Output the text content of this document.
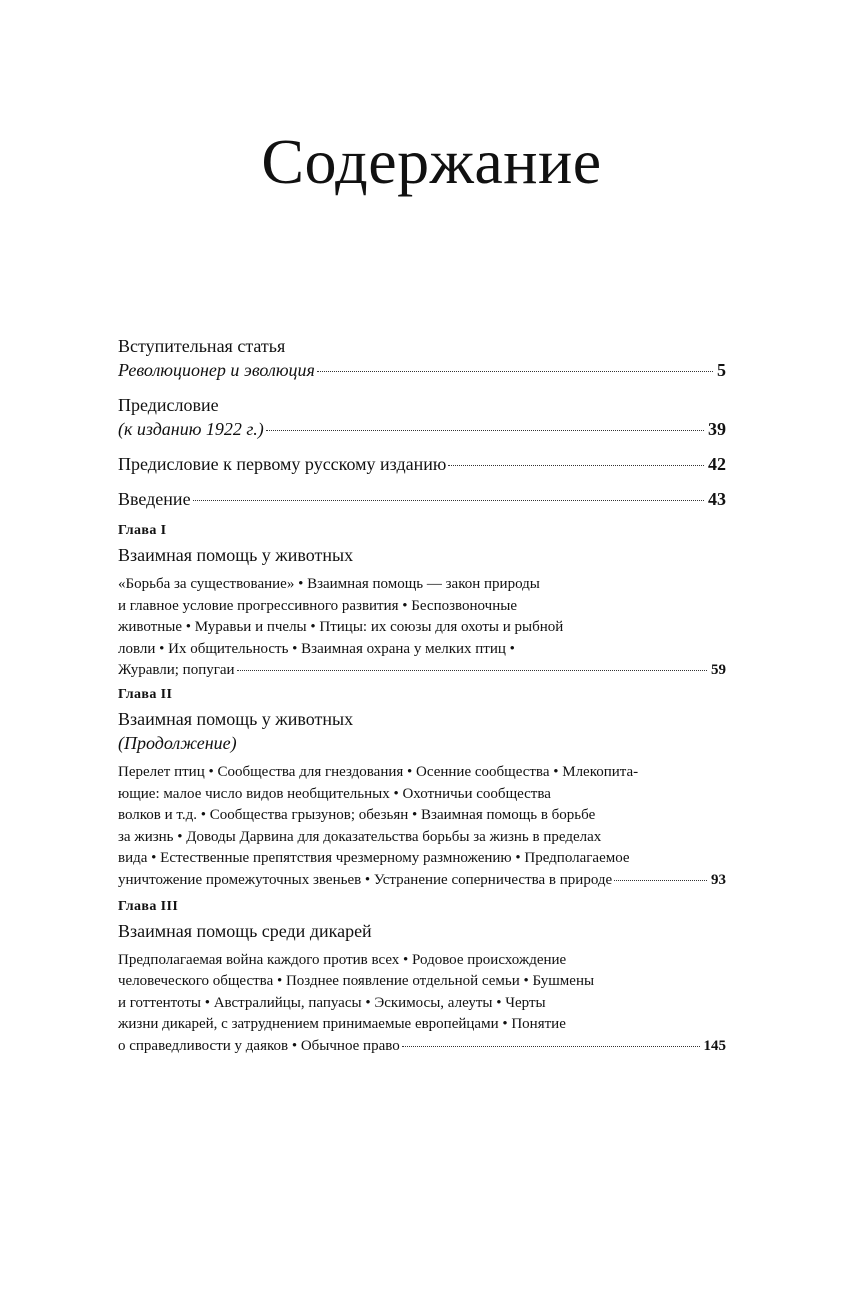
Содержание
Вступительная статья
Революционер и эволюция	5
Предисловие
(к изданию 1922 г.)	39
Предисловие к первому русскому изданию	42
Введение	43
Глава I
Взаимная помощь у животных
«Борьба за существование» • Взаимная помощь — закон природы
и главное условие прогрессивного развития • Беспозвоночные
животные • Муравьи и пчелы • Птицы: их союзы для охоты и рыбной
ловли • Их общительность • Взаимная охрана у мелких птиц •
Журавли; попугаи	59
Глава II
Взаимная помощь у животных
(Продолжение)
Перелет птиц • Сообщества для гнездования • Осенние сообщества • Млекопита-
ющие: малое число видов необщительных • Охотничьи сообщества
волков и т.д. • Сообщества грызунов; обезьян • Взаимная помощь в борьбе
за жизнь • Доводы Дарвина для доказательства борьбы за жизнь в пределах
вида • Естественные препятствия чрезмерному размножению • Предполагаемое
уничтожение промежуточных звеньев • Устранение соперничества в природе	93
Глава III
Взаимная помощь среди дикарей
Предполагаемая война каждого против всех • Родовое происхождение
человеческого общества • Позднее появление отдельной семьи • Бушмены
и готтентоты • Австралийцы, папуасы • Эскимосы, алеуты • Черты
жизни дикарей, с затруднением принимаемые европейцами • Понятие
о справедливости у даяков • Обычное право	145
